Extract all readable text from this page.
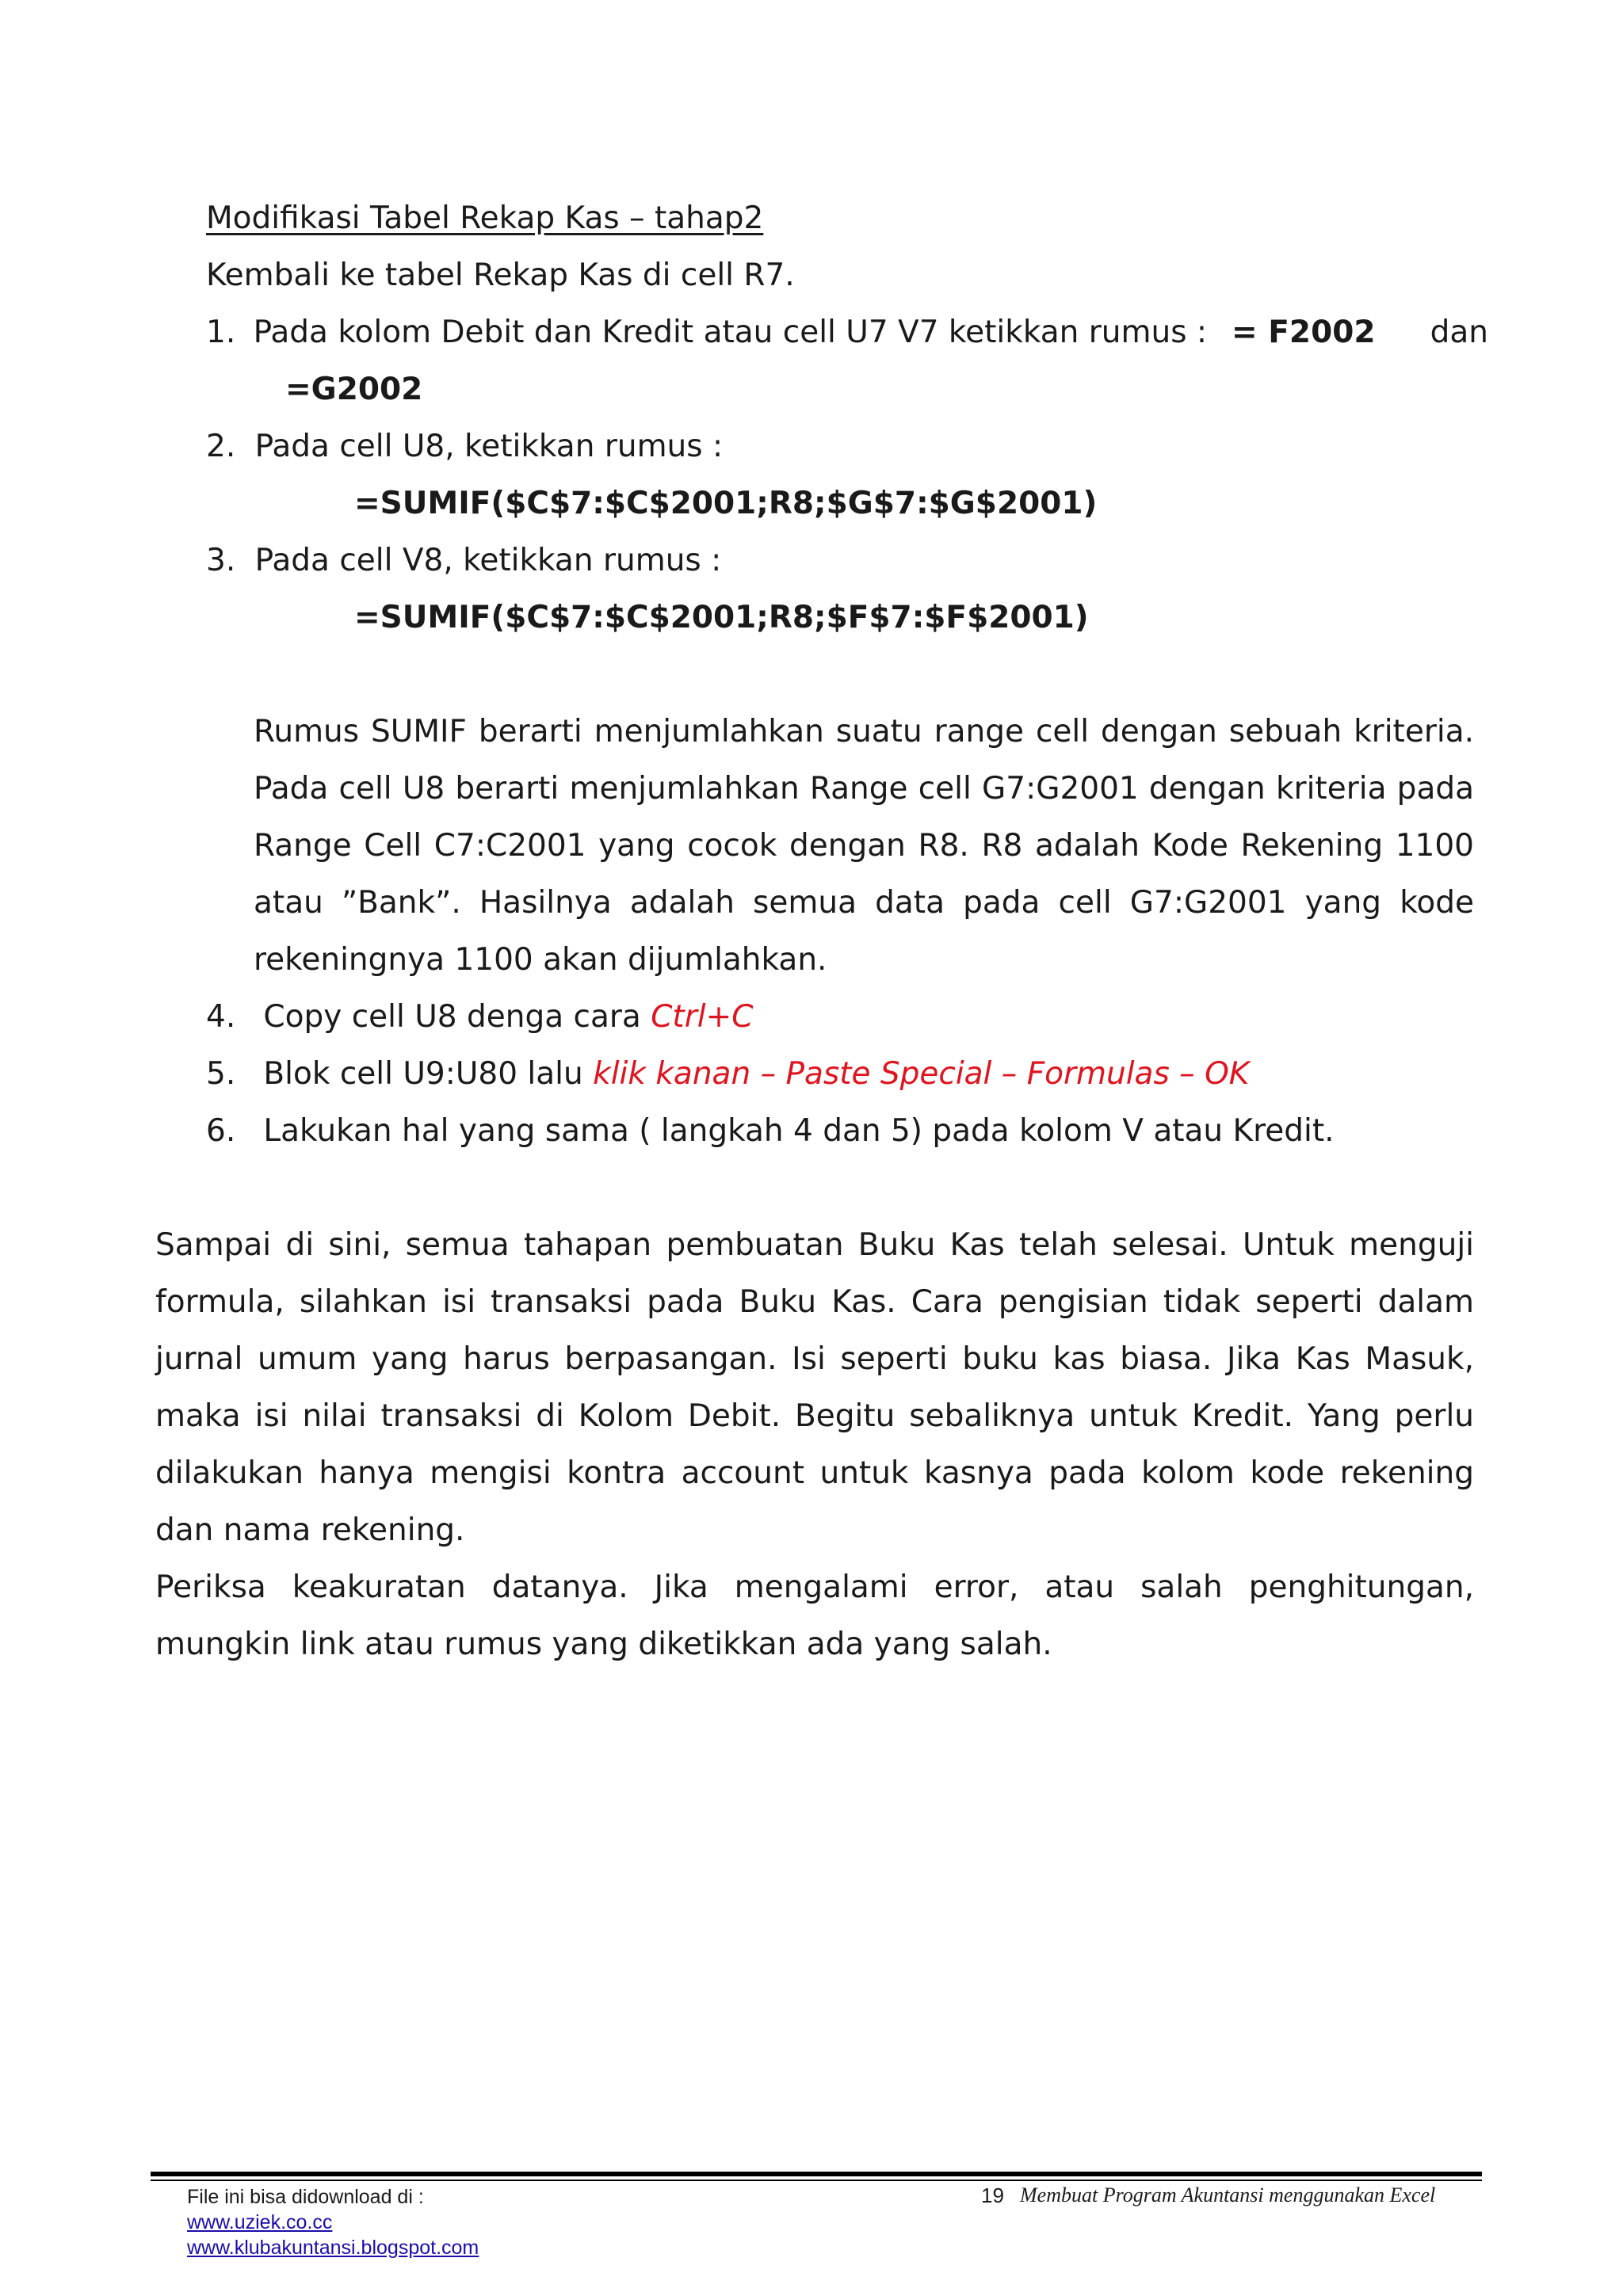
Modifikasi Tabel Rekap Kas – tahap2
Kembali ke tabel Rekap Kas di cell R7.
1. Pada kolom Debit dan Kredit atau cell U7 V7 ketikkan rumus : = F2002 dan
=G2002
2. Pada cell U8, ketikkan rumus :
=SUMIF($C$7:$C$2001;R8;$G$7:$G$2001)
3. Pada cell V8, ketikkan rumus :
=SUMIF($C$7:$C$2001;R8;$F$7:$F$2001)
Rumus SUMIF berarti menjumlahkan suatu range cell dengan sebuah kriteria. Pada cell U8 berarti menjumlahkan Range cell G7:G2001 dengan kriteria pada Range Cell C7:C2001 yang cocok dengan R8. R8 adalah Kode Rekening 1100 atau ”Bank”. Hasilnya adalah semua data pada cell G7:G2001 yang kode rekeningnya 1100 akan dijumlahkan.
4. Copy cell U8 denga cara Ctrl+C
5. Blok cell U9:U80 lalu klik kanan – Paste Special – Formulas – OK
6. Lakukan hal yang sama ( langkah 4 dan 5) pada kolom V atau Kredit.
Sampai di sini, semua tahapan pembuatan Buku Kas telah selesai. Untuk menguji formula, silahkan isi transaksi pada Buku Kas. Cara pengisian tidak seperti dalam jurnal umum yang harus berpasangan. Isi seperti buku kas biasa. Jika Kas Masuk, maka isi nilai transaksi di Kolom Debit. Begitu sebaliknya untuk Kredit. Yang perlu dilakukan hanya mengisi kontra account untuk kasnya pada kolom kode rekening dan nama rekening.
Periksa keakuratan datanya. Jika mengalami error, atau salah penghitungan, mungkin link atau rumus yang diketikkan ada yang salah.
File ini bisa didownload di :
www.uziek.co.cc
www.klubakuntansi.blogspot.com
19 Membuat Program Akuntansi menggunakan Excel
